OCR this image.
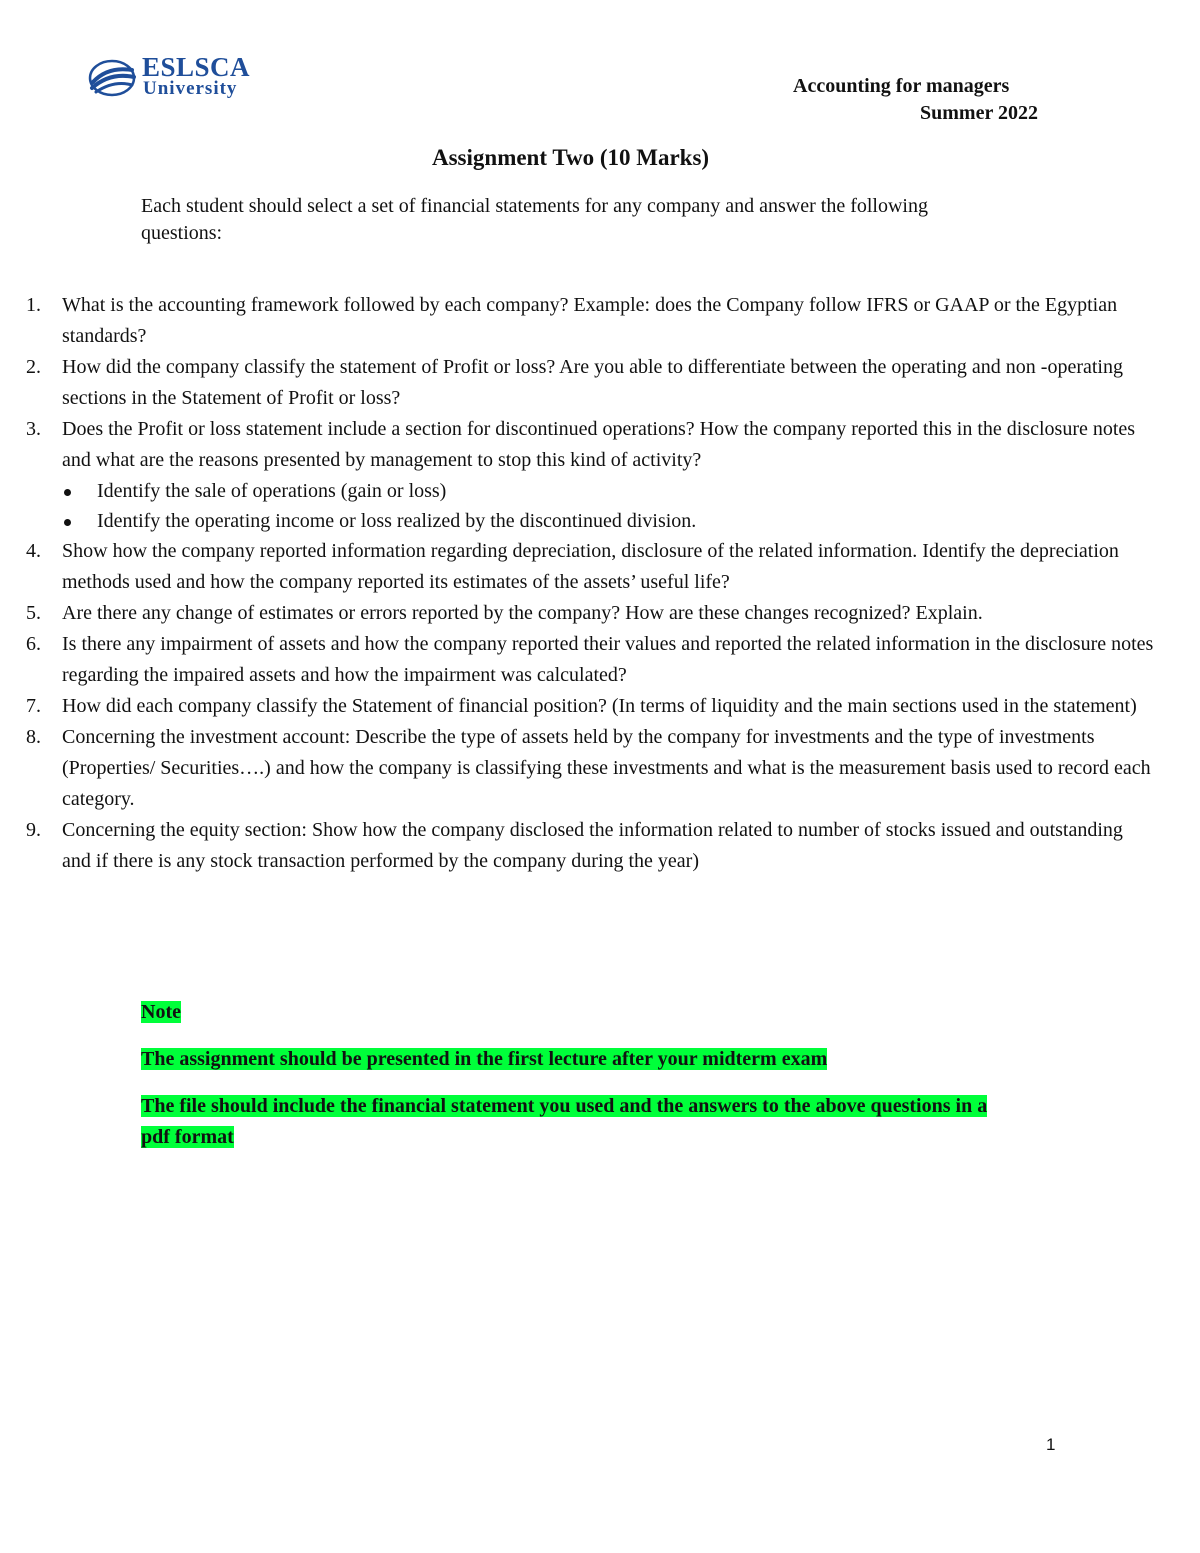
ESLSCA
University	Accounting for managers
Summer 2022
Assignment Two (10 Marks)
Each student should select a set of financial statements for any company and answer the following questions:
1. What is the accounting framework followed by each company? Example: does the Company follow IFRS or GAAP or the Egyptian standards?
2. How did the company classify the statement of Profit or loss? Are you able to differentiate between the operating and non -operating sections in the Statement of Profit or loss?
3. Does the Profit or loss statement include a section for discontinued operations? How the company reported this in the disclosure notes and what are the reasons presented by management to stop this kind of activity?
Identify the sale of operations (gain or loss)
Identify the operating income or loss realized by the discontinued division.
4. Show how the company reported information regarding depreciation, disclosure of the related information. Identify the depreciation methods used and how the company reported its estimates of the assets’ useful life?
5. Are there any change of estimates or errors reported by the company? How are these changes recognized? Explain.
6. Is there any impairment of assets and how the company reported their values and reported the related information in the disclosure notes regarding the impaired assets and how the impairment was calculated?
7. How did each company classify the Statement of financial position? (In terms of liquidity and the main sections used in the statement)
8. Concerning the investment account: Describe the type of assets held by the company for investments and the type of investments (Properties/ Securities….) and how the company is classifying these investments and what is the measurement basis used to record each category.
9. Concerning the equity section: Show how the company disclosed the information related to number of stocks issued and outstanding and if there is any stock transaction performed by the company during the year)

Note

The assignment should be presented in the first lecture after your midterm exam

The file should include the financial statement you used and the answers to the above questions in a pdf format

1
